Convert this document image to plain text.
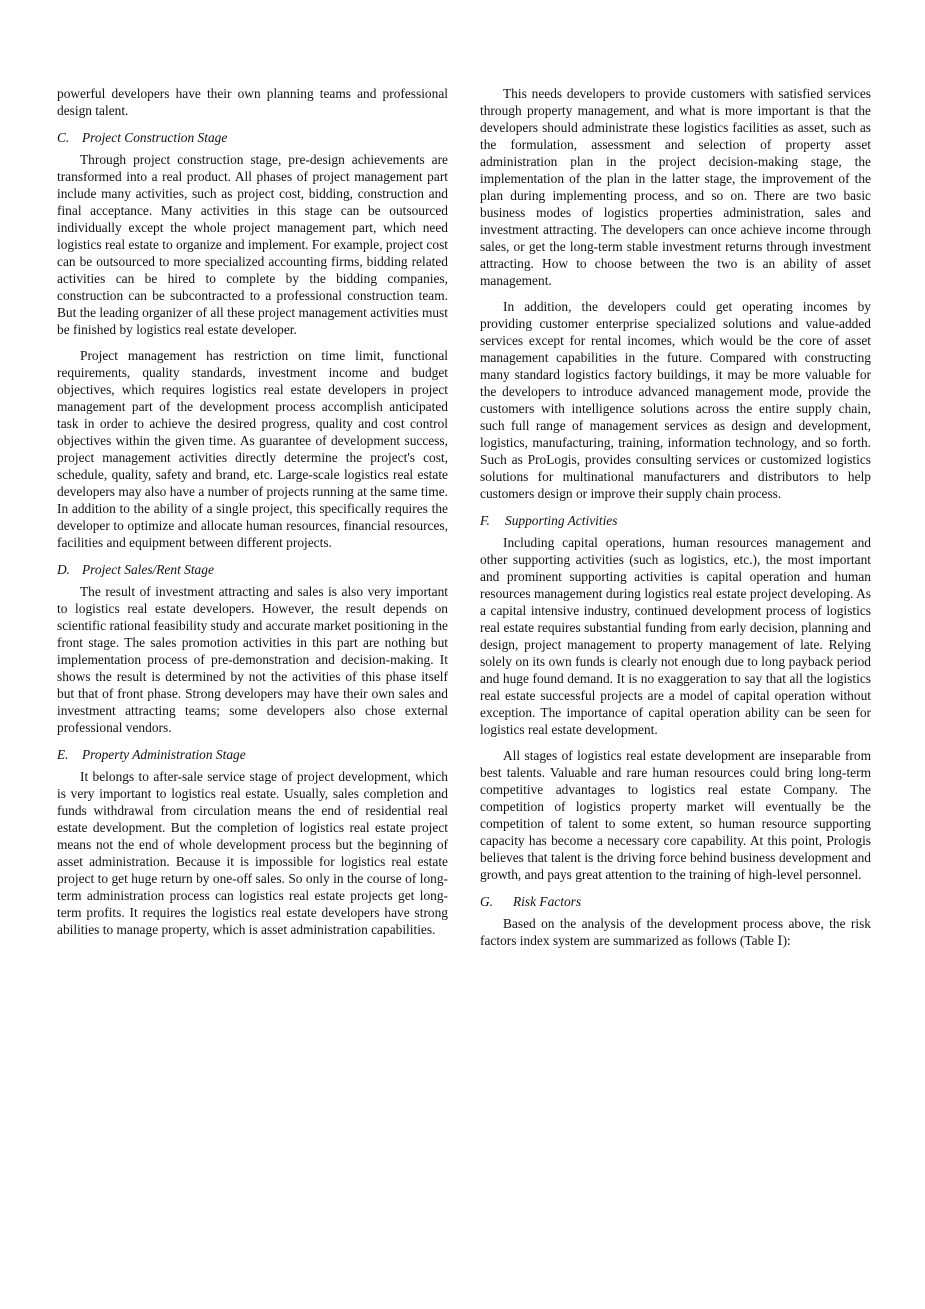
powerful developers have their own planning teams and professional design talent.

C. Project Construction Stage

Through project construction stage, pre-design achievements are transformed into a real product. All phases of project management part include many activities, such as project cost, bidding, construction and final acceptance. Many activities in this stage can be outsourced individually except the whole project management part, which need logistics real estate to organize and implement. For example, project cost can be outsourced to more specialized accounting firms, bidding related activities can be hired to complete by the bidding companies, construction can be subcontracted to a professional construction team. But the leading organizer of all these project management activities must be finished by logistics real estate developer.

Project management has restriction on time limit, functional requirements, quality standards, investment income and budget objectives, which requires logistics real estate developers in project management part of the development process accomplish anticipated task in order to achieve the desired progress, quality and cost control objectives within the given time. As guarantee of development success, project management activities directly determine the project's cost, schedule, quality, safety and brand, etc. Large-scale logistics real estate developers may also have a number of projects running at the same time. In addition to the ability of a single project, this specifically requires the developer to optimize and allocate human resources, financial resources, facilities and equipment between different projects.

D. Project Sales/Rent Stage

The result of investment attracting and sales is also very important to logistics real estate developers. However, the result depends on scientific rational feasibility study and accurate market positioning in the front stage. The sales promotion activities in this part are nothing but implementation process of pre-demonstration and decision-making. It shows the result is determined by not the activities of this phase itself but that of front phase. Strong developers may have their own sales and investment attracting teams; some developers also chose external professional vendors.

E. Property Administration Stage

It belongs to after-sale service stage of project development, which is very important to logistics real estate. Usually, sales completion and funds withdrawal from circulation means the end of residential real estate development. But the completion of logistics real estate project means not the end of whole development process but the beginning of asset administration. Because it is impossible for logistics real estate project to get huge return by one-off sales. So only in the course of long-term administration process can logistics real estate projects get long-term profits. It requires the logistics real estate developers have strong abilities to manage property, which is asset administration capabilities.

This needs developers to provide customers with satisfied services through property management, and what is more important is that the developers should administrate these logistics facilities as asset, such as the formulation, assessment and selection of property asset administration plan in the project decision-making stage, the implementation of the plan in the latter stage, the improvement of the plan during implementing process, and so on. There are two basic business modes of logistics properties administration, sales and investment attracting. The developers can once achieve income through sales, or get the long-term stable investment returns through investment attracting. How to choose between the two is an ability of asset management.

In addition, the developers could get operating incomes by providing customer enterprise specialized solutions and value-added services except for rental incomes, which would be the core of asset management capabilities in the future. Compared with constructing many standard logistics factory buildings, it may be more valuable for the developers to introduce advanced management mode, provide the customers with intelligence solutions across the entire supply chain, such full range of management services as design and development, logistics, manufacturing, training, information technology, and so forth. Such as ProLogis, provides consulting services or customized logistics solutions for multinational manufacturers and distributors to help customers design or improve their supply chain process.

F. Supporting Activities

Including capital operations, human resources management and other supporting activities (such as logistics, etc.), the most important and prominent supporting activities is capital operation and human resources management during logistics real estate project developing. As a capital intensive industry, continued development process of logistics real estate requires substantial funding from early decision, planning and design, project management to property management of late. Relying solely on its own funds is clearly not enough due to long payback period and huge found demand. It is no exaggeration to say that all the logistics real estate successful projects are a model of capital operation without exception. The importance of capital operation ability can be seen for logistics real estate development.

All stages of logistics real estate development are inseparable from best talents. Valuable and rare human resources could bring long-term competitive advantages to logistics real estate Company. The competition of logistics property market will eventually be the competition of talent to some extent, so human resource supporting capacity has become a necessary core capability. At this point, Prologis believes that talent is the driving force behind business development and growth, and pays great attention to the training of high-level personnel.

G. Risk Factors

Based on the analysis of the development process above, the risk factors index system are summarized as follows (Table Ⅰ):
